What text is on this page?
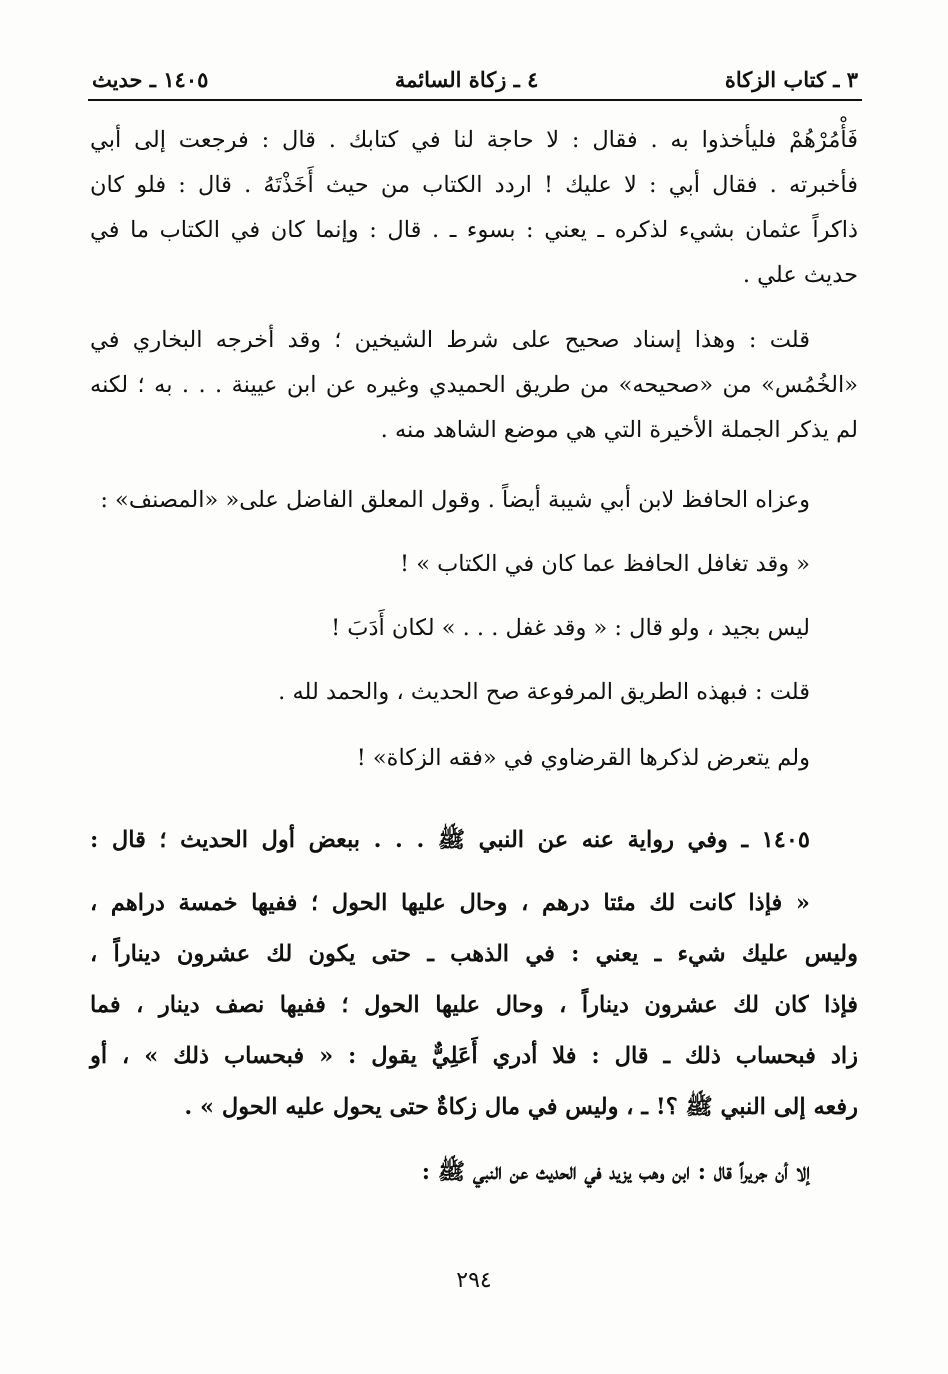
٣ ـ كتاب الزكاة
٤ ـ زكاة السائمة
١٤٠٥ ـ حديث
فَأْمُرْهُمْ فليأخذوا به . فقال : لا حاجة لنا في كتابك . قال : فرجعت إلى أبي
فأخبرته . فقال أبي : لا عليك ! اردد الكتاب من حيث أَخَذْتَهُ . قال : فلو كان
ذاكراً عثمان بشيء لذكره ـ يعني : بسوء ـ . قال : وإنما كان في الكتاب ما في
حديث علي .
قلت : وهذا إسناد صحيح على شرط الشيخين ؛ وقد أخرجه البخاري في
«الخُمُس» من «صحيحه» من طريق الحميدي وغيره عن ابن عيينة . . . به ؛ لكنه
لم يذكر الجملة الأخيرة التي هي موضع الشاهد منه .
وعزاه الحافظ لابن أبي شيبة أيضاً . وقول المعلق الفاضل على« «المصنف» :
« وقد تغافل الحافظ عما كان في الكتاب » !
ليس بجيد ، ولو قال : « وقد غفل . . . » لكان أَدَبَ !
قلت : فبهذه الطريق المرفوعة صح الحديث ، والحمد لله .
ولم يتعرض لذكرها القرضاوي في «فقه الزكاة» !
١٤٠٥ ـ وفي رواية عنه عن النبي ﷺ . . . ببعض أول الحديث ؛ قال :
« فإذا كانت لك مئتا درهم ، وحال عليها الحول ؛ ففيها خمسة دراهم ،
وليس عليك شيء ـ يعني : في الذهب ـ حتى يكون لك عشرون ديناراً ،
فإذا كان لك عشرون ديناراً ، وحال عليها الحول ؛ ففيها نصف دينار ، فما
زاد فبحساب ذلك ـ قال : فلا أدري أَعَلِيٌّ يقول : « فبحساب ذلك » ، أو
رفعه إلى النبي ﷺ ؟! ـ ، وليس في مال زكاةٌ حتى يحول عليه الحول » .
إلا أن جريراً قال : ابن وهب يزيد في الحديث عن النبي ﷺ :
٢٩٤
